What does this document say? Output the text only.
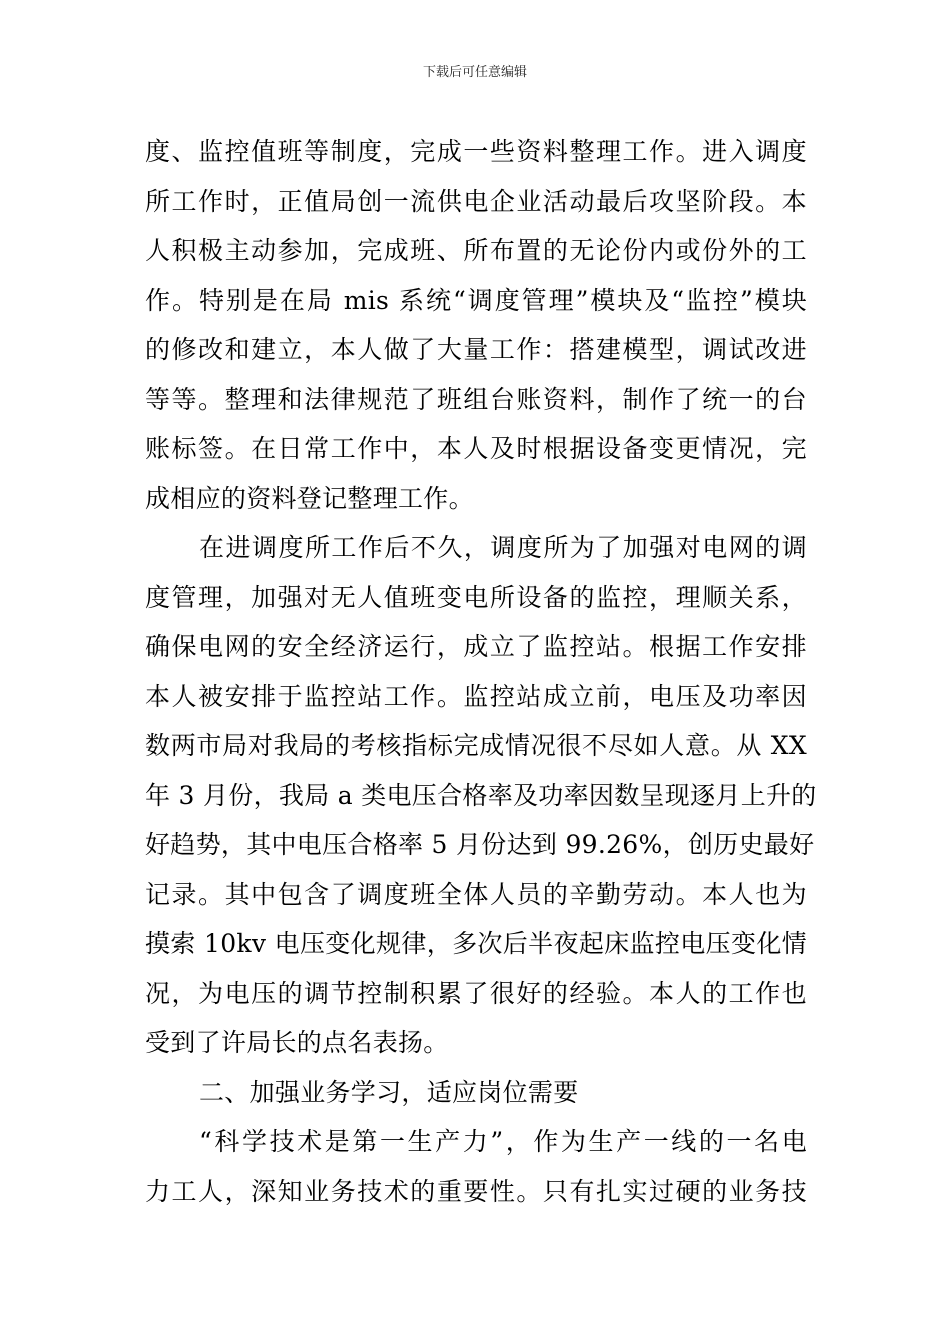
下载后可任意编辑
度、监控值班等制度，完成一些资料整理工作。进入调度
所工作时，正值局创一流供电企业活动最后攻坚阶段。本
人积极主动参加，完成班、所布置的无论份内或份外的工
作。特别是在局 mis 系统“调度管理”模块及“监控”模块
的修改和建立，本人做了大量工作：搭建模型，调试改进
等等。整理和法律规范了班组台账资料，制作了统一的台
账标签。在日常工作中，本人及时根据设备变更情况，完
成相应的资料登记整理工作。
在进调度所工作后不久，调度所为了加强对电网的调
度管理，加强对无人值班变电所设备的监控，理顺关系，
确保电网的安全经济运行，成立了监控站。根据工作安排
本人被安排于监控站工作。监控站成立前，电压及功率因
数两市局对我局的考核指标完成情况很不尽如人意。从 XX
年 3 月份，我局 a 类电压合格率及功率因数呈现逐月上升的
好趋势，其中电压合格率 5 月份达到 99.26%，创历史最好
记录。其中包含了调度班全体人员的辛勤劳动。本人也为
摸索 10kv 电压变化规律，多次后半夜起床监控电压变化情
况，为电压的调节控制积累了很好的经验。本人的工作也
受到了许局长的点名表扬。
二、加强业务学习，适应岗位需要
“科学技术是第一生产力”，作为生产一线的一名电
力工人，深知业务技术的重要性。只有扎实过硬的业务技
